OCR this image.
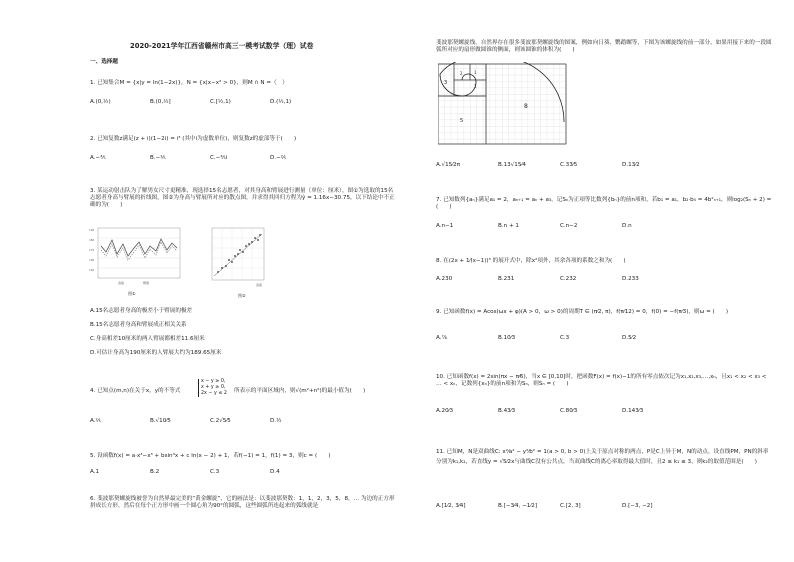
2020-2021学年江西省赣州市高三一模考试数学（理）试卷
一、选择题
1. 已知集合M = {x|y = ln(1−2x)}，N = {x|x−x² > 0}，则M ∩ N =（　）
A.(0,½)	B.(0,½]	C.[½,1)	D.(½,1)
2. 已知复数z满足(z + i)(1−2i) = i³ (其中i为虚数单位)，则复数z的虚部等于(　　)
A.−⅘	B.−⅗	C.−⅘i	D.−⅖
3. 某运动射击队为了解男女尺寸更精准，现选择15名志愿者，对其身高和臂展进行测量（单位：厘米），图①为选取的15名志愿者身高与臂展的折线图，图②为身高与臂展所对应的散点图，并求得其回归方程为ŷ = 1.16x−30.75，以下结论中不正确的为(　　)
190
180
170
160
150
身高	臂展
图①
身高
图②
A.15名志愿者身高的极差小于臂展的极差
B.15名志愿者身高和臂展成正相关关系
C.身高相差10厘米的两人臂展都相差11.6厘米
D.可估计身高为190厘米的人臂展大约为189.65厘米
4. 已知点(m,n)在关于x，y的不等式
x − y ≥ 0,
x + y ≥ 0,
2x − y ≤ 2 所表示的平面区域内，则√(m²+n²)的最小值为(　　)
A.⅖	B.√10⁄5	C.2√5⁄5	D.½
5. 设函数f(x) = a·x³−x³ + bsin³x + c ln(x − 2) + 1，若f(−1) = 1，f(1) = 3，则c = (　　)
A.1	B.2	C.3	D.4
6. 斐波那契螺旋线被誉为自然界最完美的“黄金螺旋”，它的画法是：以斐波那契数：1，1，2，3，5，8，… 为边的正方形拼成长方形，然后在每个正方形中画一个圆心角为90°的圆弧，这些圆弧所连起来的弧线就是
斐波那契螺旋线，自然界存在很多斐波那契螺旋线的图案，例如向日葵、鹦鹉螺等，下图为该螺旋线的前一部分，如果用接下来的一段圆弧所对应的扇形做圆锥的侧面，则该圆锥的体积为(　　)
1
1
2
3
5
8
A.√15⁄2π	B.13√15⁄4	C.33⁄5	D.13⁄2
7. 已知数列{aₙ}满足a₁ = 2，aₙ₊₁ = aₙ + a₃，记Sₙ为正项等比数列{bₙ}的前n项和，若b₁ = a₁，b₂·b₅ = 4b²ₙ₊₁，则log₂(Sₙ + 2) = (　　)
A.n−1	B.n + 1	C.n−2	D.n
8. 在(2x + 1⁄(x−1))⁵ 的展开式中，除x²项外，其余各项的系数之和为(　　)
A.230	B.231	C.232	D.233
9. 已知函数f(x) = Acos(ωx + φ)(A > 0，ω > 0)的周期T ∈ (π⁄2, π)，f(π⁄12) = 0，f(0) = −f(π⁄3)，则ω = (　　)
A.⅞	B.10⁄3	C.3	D.5⁄2
10. 已知函数f(x) = 2sin(πx − π⁄6)，当x ∈ [0,10]时，把函数F(x) = f(x)−1的所有零点依次记为x₁,x₂,x₃,…,xₙ，且x₁ < x₂ < x₃ < … < xₙ，记数列{xₙ}的前n项和为Sₙ，则Sₙ = (　　)
A.20⁄3	B.43⁄3	C.80⁄3	D.143⁄3
11. 已知M，N是双曲线C: x²⁄a² − y²⁄b² = 1(a > 0, b > 0)上关于原点对称的两点，P是C上异于M，N的动点，设直线PM，PN的斜率分别为k₁,k₂，若直线y = √5⁄2x与曲线C没有公共点，当双曲线C的离心率取得最大值时，且2 ≤ k₁ ≤ 3，则k₂的取值范围是(　　)
A.[1⁄2, 3⁄4]	B.[−3⁄4, −1⁄2]	C.[2, 3]	D.[−3, −2]
